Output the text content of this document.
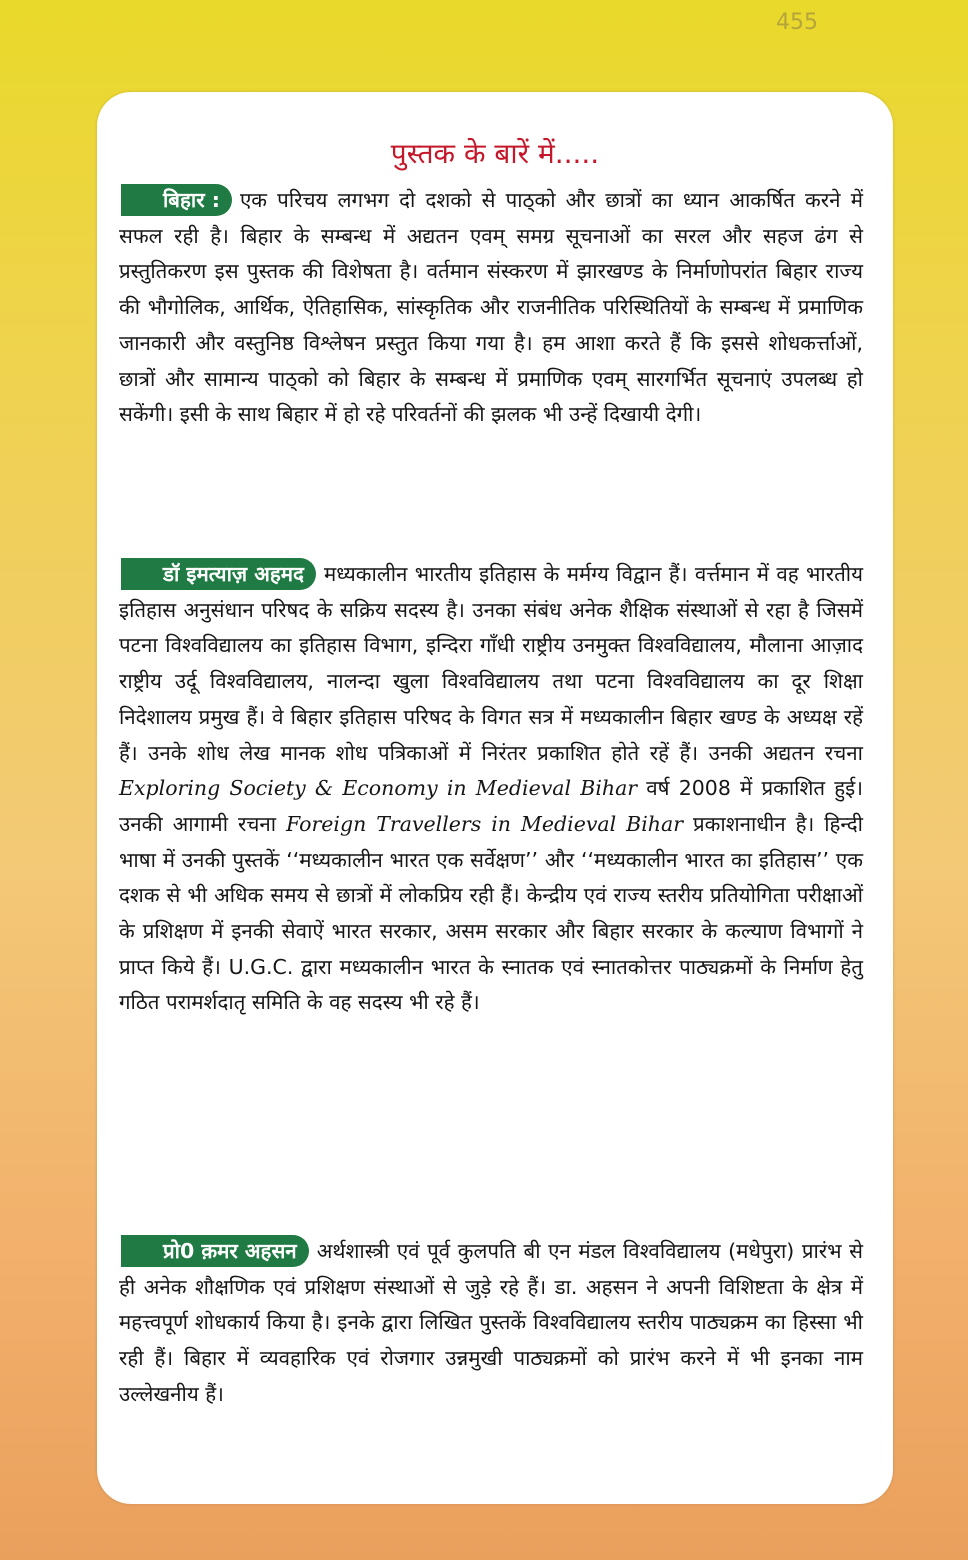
455
पुस्तक के बारें में.....
बिहार : एक परिचय लगभग दो दशको से पाठ्को और छात्रों का ध्यान आकर्षित करने में सफल रही है। बिहार के सम्बन्ध में अद्यतन एवम् समग्र सूचनाओं का सरल और सहज ढंग से प्रस्तुतिकरण इस पुस्तक की विशेषता है। वर्तमान संस्करण में झारखण्ड के निर्माणोपरांत बिहार राज्य की भौगोलिक, आर्थिक, ऐतिहासिक, सांस्कृतिक और राजनीतिक परिस्थितियों के सम्बन्ध में प्रमाणिक जानकारी और वस्तुनिष्ठ विश्लेषन प्रस्तुत किया गया है। हम आशा करते हैं कि इससे शोधकर्त्ताओं, छात्रों और सामान्य पाठ्को को बिहार के सम्बन्ध में प्रमाणिक एवम् सारगर्भित सूचनाएं उपलब्ध हो सकेंगी। इसी के साथ बिहार में हो रहे परिवर्तनों की झलक भी उन्हें दिखायी देगी।
डॉ इमत्याज़ अहमद मध्यकालीन भारतीय इतिहास के मर्मग्य विद्वान हैं। वर्त्तमान में वह भारतीय इतिहास अनुसंधान परिषद के सक्रिय सदस्य है। उनका संबंध अनेक शैक्षिक संस्थाओं से रहा है जिसमें पटना विश्वविद्यालय का इतिहास विभाग, इन्दिरा गाँधी राष्ट्रीय उनमुक्त विश्वविद्यालय, मौलाना आज़ाद राष्ट्रीय उर्दू विश्वविद्यालय, नालन्दा खुला विश्वविद्यालय तथा पटना विश्वविद्यालय का दूर शिक्षा निदेशालय प्रमुख हैं। वे बिहार इतिहास परिषद के विगत सत्र में मध्यकालीन बिहार खण्ड के अध्यक्ष रहें हैं। उनके शोध लेख मानक शोध पत्रिकाओं में निरंतर प्रकाशित होते रहें हैं। उनकी अद्यतन रचना Exploring Society & Economy in Medieval Bihar वर्ष 2008 में प्रकाशित हुई। उनकी आगामी रचना Foreign Travellers in Medieval Bihar प्रकाशनाधीन है। हिन्दी भाषा में उनकी पुस्तकें ‘‘मध्यकालीन भारत एक सर्वेक्षण’’ और ‘‘मध्यकालीन भारत का इतिहास’’ एक दशक से भी अधिक समय से छात्रों में लोकप्रिय रही हैं। केन्द्रीय एवं राज्य स्तरीय प्रतियोगिता परीक्षाओं के प्रशिक्षण में इनकी सेवाऐं भारत सरकार, असम सरकार और बिहार सरकार के कल्याण विभागों ने प्राप्त किये हैं। U.G.C. द्वारा मध्यकालीन भारत के स्नातक एवं स्नातकोत्तर पाठ्यक्रमों के निर्माण हेतु गठित परामर्शदातृ समिति के वह सदस्य भी रहे हैं।
प्रो0 क़मर अहसन अर्थशास्त्री एवं पूर्व कुलपति बी एन मंडल विश्वविद्यालय (मधेपुरा) प्रारंभ से ही अनेक शौक्षणिक एवं प्रशिक्षण संस्थाओं से जुड़े रहे हैं। डा. अहसन ने अपनी विशिष्टता के क्षेत्र में महत्त्वपूर्ण शोधकार्य किया है। इनके द्वारा लिखित पुस्तकें विश्वविद्यालय स्तरीय पाठ्यक्रम का हिस्सा भी रही हैं। बिहार में व्यवहारिक एवं रोजगार उन्नमुखी पाठ्यक्रमों को प्रारंभ करने में भी इनका नाम उल्लेखनीय हैं।
